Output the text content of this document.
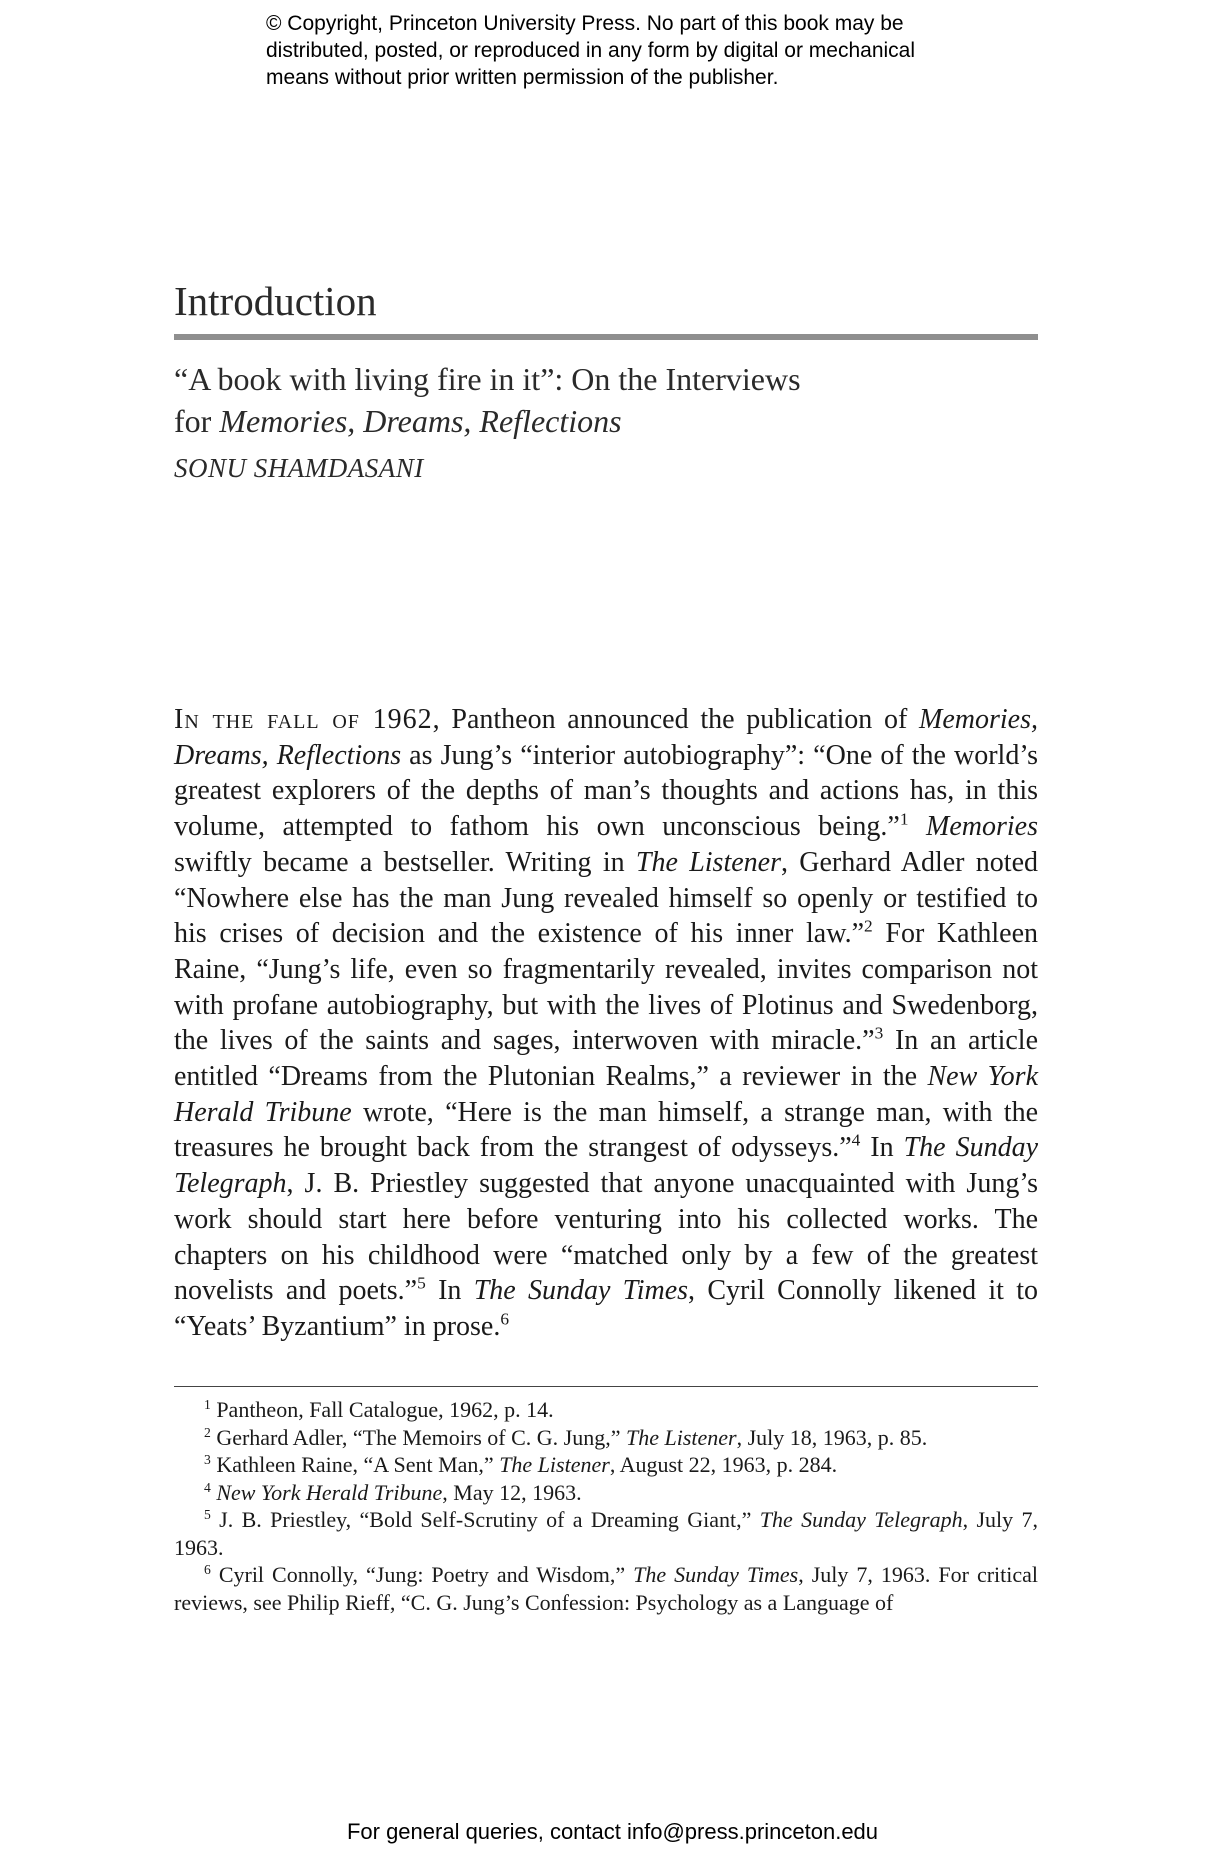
© Copyright, Princeton University Press. No part of this book may be

distributed, posted, or reproduced in any form by digital or mechanical

means without prior written permission of the publisher.

Introduction
“A book with living fire in it”: On the Interviews
for Memories, Dreams, Reflections
SONU SHAMDASANI

In the fall of 1962, Pantheon announced the publication of Memories, Dreams, Reflections as Jung’s “interior autobiography”: “One of the world’s greatest explorers of the depths of man’s thoughts and actions has, in this volume, attempted to fathom his own unconscious being.”$^1$ Memories swiftly became a bestseller. Writing in The Listener, Gerhard Adler noted “Nowhere else has the man Jung revealed himself so openly or testified to his crises of decision and the existence of his inner law.”$^2$ For Kathleen Raine, “Jung’s life, even so fragmentarily revealed, invites comparison not with profane autobiography, but with the lives of Plotinus and Swedenborg, the lives of the saints and sages, interwoven with miracle.”$^3$ In an article entitled “Dreams from the Plutonian Realms,” a reviewer in the New York Herald Tribune wrote, “Here is the man himself, a strange man, with the treasures he brought back from the strangest of odysseys.”$^4$ In The Sunday Telegraph, J. B. Priestley suggested that anyone unacquainted with Jung’s work should start here before venturing into his collected works. The chapters on his childhood were “matched only by a few of the greatest novelists and poets.”$^5$ In The Sunday Times, Cyril Connolly likened it to “Yeats’ Byzantium” in prose.$^6$

$^1$ Pantheon, Fall Catalogue, 1962, p. 14.

$^2$ Gerhard Adler, “The Memoirs of C. G. Jung,” The Listener, July 18, 1963, p. 85.

$^3$ Kathleen Raine, “A Sent Man,” The Listener, August 22, 1963, p. 284.

$^4$ New York Herald Tribune, May 12, 1963.

$^5$ J. B. Priestley, “Bold Self-Scrutiny of a Dreaming Giant,” The Sunday Telegraph, July 7, 1963.

$^6$ Cyril Connolly, “Jung: Poetry and Wisdom,” The Sunday Times, July 7, 1963. For critical reviews, see Philip Rieff, “C. G. Jung’s Confession: Psychology as a Language of

For general queries, contact info@press.princeton.edu
